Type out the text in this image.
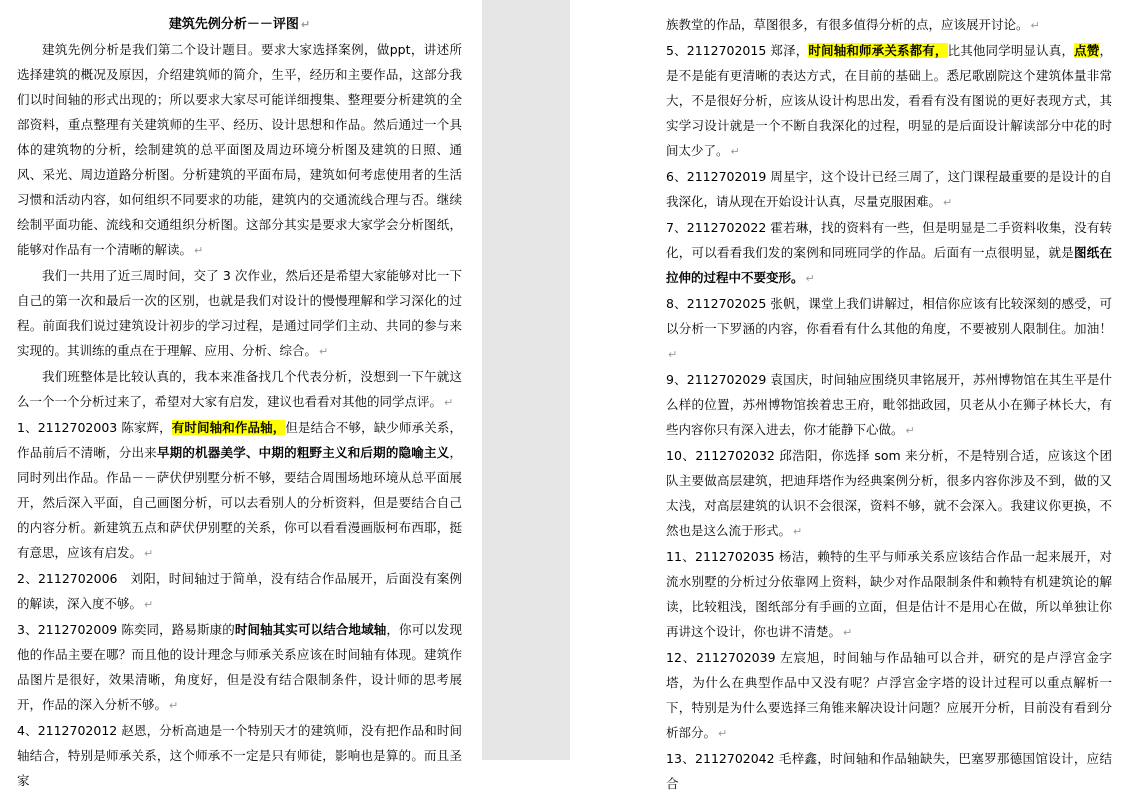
建筑先例分析－－评图 ↵

建筑先例分析是我们第二个设计题目。要求大家选择案例，做ppt，讲述所选择建筑的概况及原因，介绍建筑师的简介，生平，经历和主要作品，这部分我们以时间轴的形式出现的；所以要求大家尽可能详细搜集、整理要分析建筑的全部资料，重点整理有关建筑师的生平、经历、设计思想和作品。然后通过一个具体的建筑物的分析，绘制建筑的总平面图及周边环境分析图及建筑的日照、通风、采光、周边道路分析图。分析建筑的平面布局，建筑如何考虑使用者的生活习惯和活动内容，如何组织不同要求的功能，建筑内的交通流线合理与否。继续绘制平面功能、流线和交通组织分析图。这部分其实是要求大家学会分析图纸，能够对作品有一个清晰的解读。 ↵

我们一共用了近三周时间，交了 3 次作业，然后还是希望大家能够对比一下自己的第一次和最后一次的区别，也就是我们对设计的慢慢理解和学习深化的过程。前面我们说过建筑设计初步的学习过程，是通过同学们主动、共同的参与来实现的。其训练的重点在于理解、应用、分析、综合。 ↵

我们班整体是比较认真的，我本来准备找几个代表分析，没想到一下午就这么一个一个分析过来了，希望对大家有启发，建议也看看对其他的同学点评。 ↵

1、2112702003 陈家辉，有时间轴和作品轴，但是结合不够，缺少师承关系，作品前后不清晰，分出来早期的机器美学、中期的粗野主义和后期的隐喻主义，同时列出作品。作品－－萨伏伊别墅分析不够，要结合周围场地环境从总平面展开，然后深入平面，自己画图分析，可以去看别人的分析资料，但是要结合自己的内容分析。新建筑五点和萨伏伊别墅的关系，你可以看看漫画版柯布西耶，挺有意思，应该有启发。 ↵

2、2112702006　刘阳，时间轴过于简单，没有结合作品展开，后面没有案例的解读，深入度不够。 ↵

3、2112702009 陈奕同，路易斯康的时间轴其实可以结合地域轴，你可以发现他的作品主要在哪？而且他的设计理念与师承关系应该在时间轴有体现。建筑作品图片是很好，效果清晰，角度好，但是没有结合限制条件，设计师的思考展开，作品的深入分析不够。 ↵

4、2112702012 赵恩，分析高迪是一个特别天才的建筑师，没有把作品和时间轴结合，特别是师承关系，这个师承不一定是只有师徒，影响也是算的。而且圣家

族教堂的作品，草图很多，有很多值得分析的点，应该展开讨论。 ↵

5、2112702015 郑泽，时间轴和师承关系都有，比其他同学明显认真，点赞，是不是能有更清晰的表达方式，在目前的基础上。悉尼歌剧院这个建筑体量非常大，不是很好分析，应该从设计构思出发，看看有没有图说的更好表现方式，其实学习设计就是一个不断自我深化的过程，明显的是后面设计解读部分中花的时间太少了。 ↵

6、2112702019 周星宇，这个设计已经三周了，这门课程最重要的是设计的自我深化，请从现在开始设计认真，尽量克服困难。 ↵

7、2112702022 霍若琳，找的资料有一些，但是明显是二手资料收集，没有转化，可以看看我们发的案例和同班同学的作品。后面有一点很明显，就是图纸在拉伸的过程中不要变形。 ↵

8、2112702025 张帆，课堂上我们讲解过，相信你应该有比较深刻的感受，可以分析一下罗涵的内容，你看看有什么其他的角度，不要被别人限制住。加油！↵

9、2112702029 袁国庆，时间轴应围绕贝聿铭展开，苏州博物馆在其生平是什么样的位置，苏州博物馆挨着忠王府，毗邻拙政园，贝老从小在狮子林长大，有些内容你只有深入进去，你才能静下心做。 ↵

10、2112702032 邱浩阳，你选择 som 来分析，不是特别合适，应该这个团队主要做高层建筑，把迪拜塔作为经典案例分析，很多内容你涉及不到，做的又太浅，对高层建筑的认识不会很深，资料不够，就不会深入。我建议你更换，不然也是这么流于形式。 ↵

11、2112702035 杨洁，赖特的生平与师承关系应该结合作品一起来展开，对流水别墅的分析过分依靠网上资料，缺少对作品限制条件和赖特有机建筑论的解读，比较粗浅，图纸部分有手画的立面，但是估计不是用心在做，所以单独让你再讲这个设计，你也讲不清楚。 ↵

12、2112702039 左宸旭，时间轴与作品轴可以合并，研究的是卢浮宫金字塔，为什么在典型作品中又没有呢？卢浮宫金字塔的设计过程可以重点解析一下，特别是为什么要选择三角锥来解决设计问题？应展开分析，目前没有看到分析部分。 ↵

13、2112702042 毛梓鑫，时间轴和作品轴缺失，巴塞罗那德国馆设计，应结合
